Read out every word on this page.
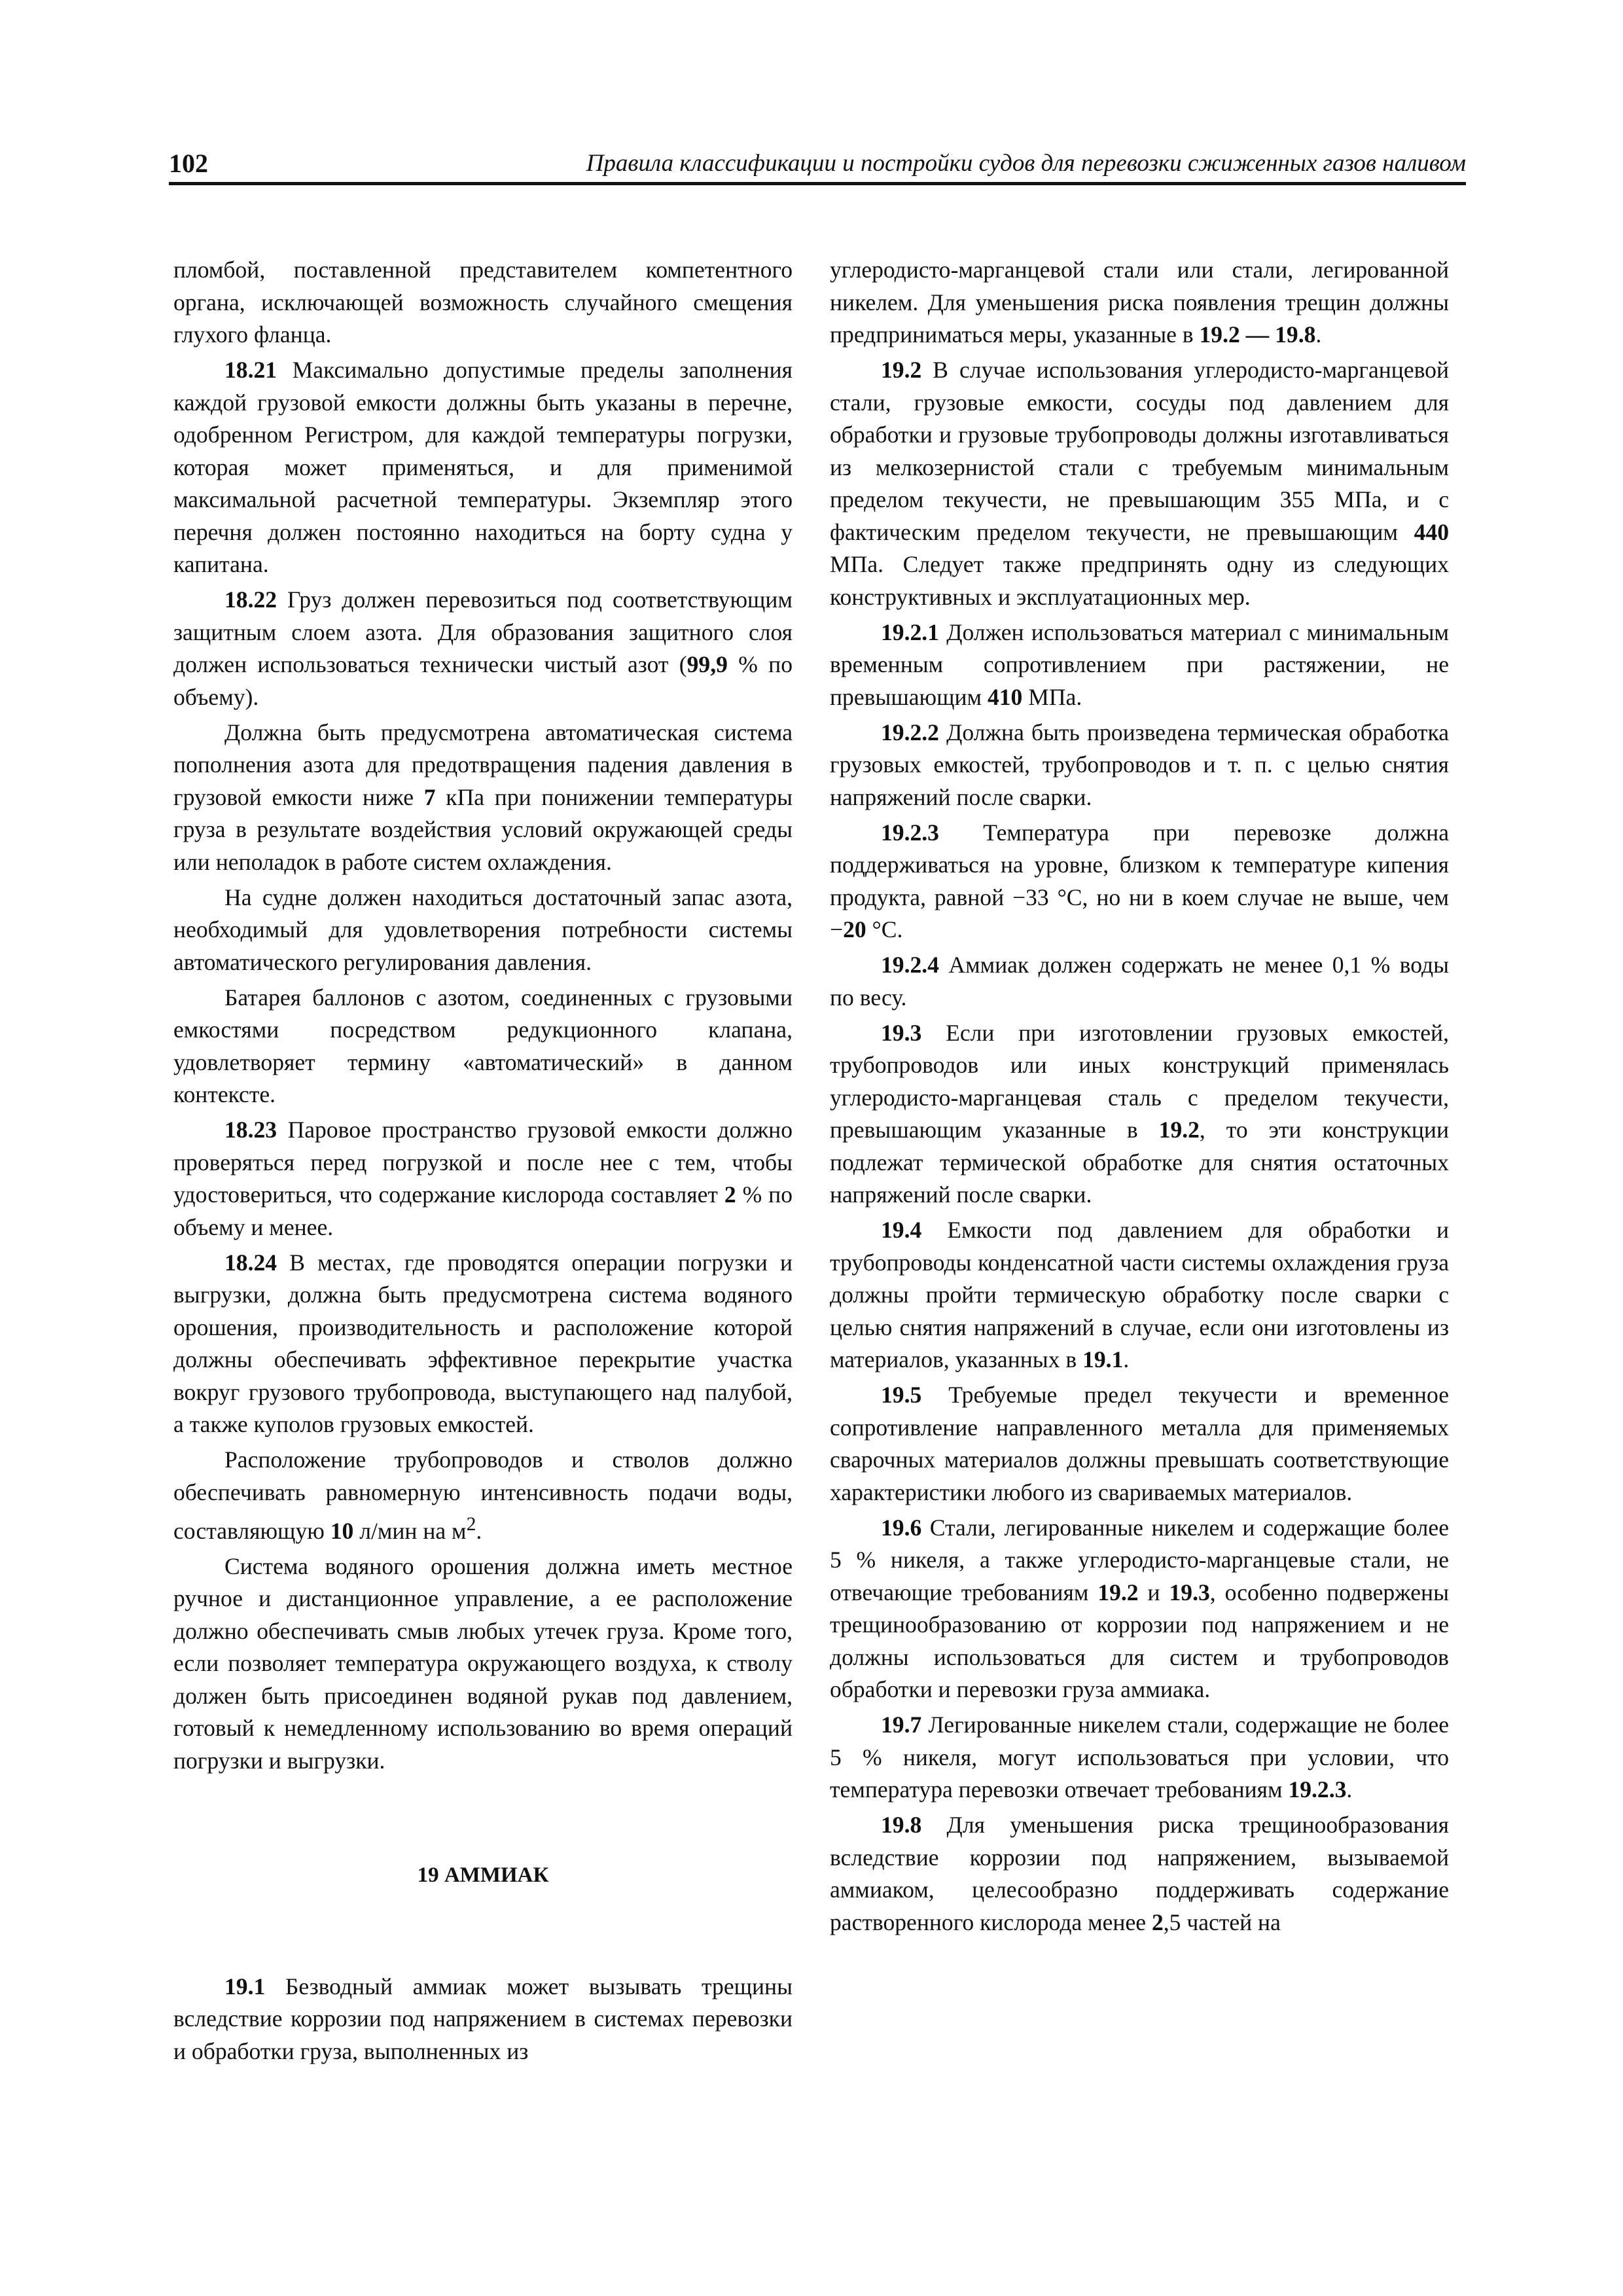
102	Правила классификации и постройки судов для перевозки сжиженных газов наливом

пломбой, поставленной представителем компетентного органа, исключающей возможность случайного смещения глухого фланца.

18.21 Максимально допустимые пределы заполнения каждой грузовой емкости должны быть указаны в перечне, одобренном Регистром, для каждой температуры погрузки, которая может применяться, и для применимой максимальной расчетной температуры. Экземпляр этого перечня должен постоянно находиться на борту судна у капитана.

18.22 Груз должен перевозиться под соответствующим защитным слоем азота. Для образования защитного слоя должен использоваться технически чистый азот (99,9 % по объему).

Должна быть предусмотрена автоматическая система пополнения азота для предотвращения падения давления в грузовой емкости ниже 7 кПа при понижении температуры груза в результате воздействия условий окружающей среды или неполадок в работе систем охлаждения.

На судне должен находиться достаточный запас азота, необходимый для удовлетворения потребности системы автоматического регулирования давления.

Батарея баллонов с азотом, соединенных с грузовыми емкостями посредством редукционного клапана, удовлетворяет термину «автоматический» в данном контексте.

18.23 Паровое пространство грузовой емкости должно проверяться перед погрузкой и после нее с тем, чтобы удостовериться, что содержание кислорода составляет 2 % по объему и менее.

18.24 В местах, где проводятся операции погрузки и выгрузки, должна быть предусмотрена система водяного орошения, производительность и расположение которой должны обеспечивать эффективное перекрытие участка вокруг грузового трубопровода, выступающего над палубой, а также куполов грузовых емкостей.

Расположение трубопроводов и стволов должно обеспечивать равномерную интенсивность подачи воды, составляющую 10 л/мин на $м^2$.

Система водяного орошения должна иметь местное ручное и дистанционное управление, а ее расположение должно обеспечивать смыв любых утечек груза. Кроме того, если позволяет температура окружающего воздуха, к стволу должен быть присоединен водяной рукав под давлением, готовый к немедленному использованию во время операций погрузки и выгрузки.

19 АММИАК

19.1 Безводный аммиак может вызывать трещины вследствие коррозии под напряжением в системах перевозки и обработки груза, выполненных из

углеродисто-марганцевой стали или стали, легированной никелем. Для уменьшения риска появления трещин должны предприниматься меры, указанные в 19.2 — 19.8.

19.2 В случае использования углеродисто-марганцевой стали, грузовые емкости, сосуды под давлением для обработки и грузовые трубопроводы должны изготавливаться из мелкозернистой стали с требуемым минимальным пределом текучести, не превышающим 355 МПа, и с фактическим пределом текучести, не превышающим 440 МПа. Следует также предпринять одну из следующих конструктивных и эксплуатационных мер.

19.2.1 Должен использоваться материал с минимальным временным сопротивлением при растяжении, не превышающим 410 МПа.

19.2.2 Должна быть произведена термическая обработка грузовых емкостей, трубопроводов и т. п. с целью снятия напряжений после сварки.

19.2.3 Температура при перевозке должна поддерживаться на уровне, близком к температуре кипения продукта, равной −33 °С, но ни в коем случае не выше, чем −20 °С.

19.2.4 Аммиак должен содержать не менее 0,1 % воды по весу.

19.3 Если при изготовлении грузовых емкостей, трубопроводов или иных конструкций применялась углеродисто-марганцевая сталь с пределом текучести, превышающим указанные в 19.2, то эти конструкции подлежат термической обработке для снятия остаточных напряжений после сварки.

19.4 Емкости под давлением для обработки и трубопроводы конденсатной части системы охлаждения груза должны пройти термическую обработку после сварки с целью снятия напряжений в случае, если они изготовлены из материалов, указанных в 19.1.

19.5 Требуемые предел текучести и временное сопротивление направленного металла для применяемых сварочных материалов должны превышать соответствующие характеристики любого из свариваемых материалов.

19.6 Стали, легированные никелем и содержащие более 5 % никеля, а также углеродисто-марганцевые стали, не отвечающие требованиям 19.2 и 19.3, особенно подвержены трещинообразованию от коррозии под напряжением и не должны использоваться для систем и трубопроводов обработки и перевозки груза аммиака.

19.7 Легированные никелем стали, содержащие не более 5 % никеля, могут использоваться при условии, что температура перевозки отвечает требованиям 19.2.3.

19.8 Для уменьшения риска трещинообразования вследствие коррозии под напряжением, вызываемой аммиаком, целесообразно поддерживать содержание растворенного кислорода менее 2,5 частей на
